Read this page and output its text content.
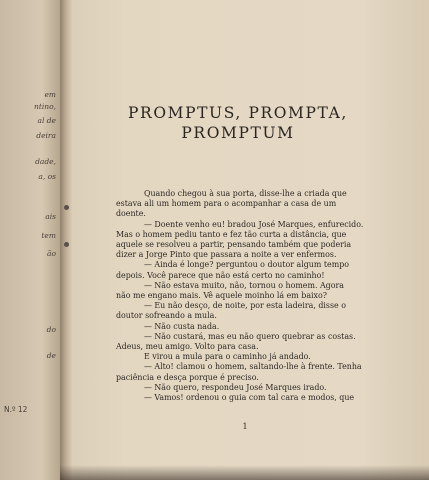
em
ntino,
al de
deira
dade,
a, os
ais
tem
ão
do
de
N.º 12
PROMPTUS, PROMPTA,
PROMPTUM

Quando chegou à sua porta, disse-lhe a criada que

estava ali um homem para o acompanhar a casa de um

doente.

— Doente venho eu! bradou José Marques, enfurecido.

Mas o homem pediu tanto e fez tão curta a distância, que

aquele se resolveu a partir, pensando também que poderia

dizer a Jorge Pinto que passara a noite a ver enfermos.

— Ainda é longe? perguntou o doutor algum tempo

depois. Você parece que não está certo no caminho!

— Não estava muito, não, tornou o homem. Agora

não me engano mais. Vê aquele moinho lá em baixo?

— Eu não desço, de noite, por esta ladeira, disse o

doutor sofreando a mula.

— Não custa nada.

— Não custará, mas eu não quero quebrar as costas.

Adeus, meu amigo. Volto para casa.

E virou a mula para o caminho já andado.

— Alto! clamou o homem, saltando-lhe à frente. Tenha

paciência e desça porque é preciso.

— Não quero, respondeu José Marques irado.

— Vamos! ordenou o guia com tal cara e modos, que

1
